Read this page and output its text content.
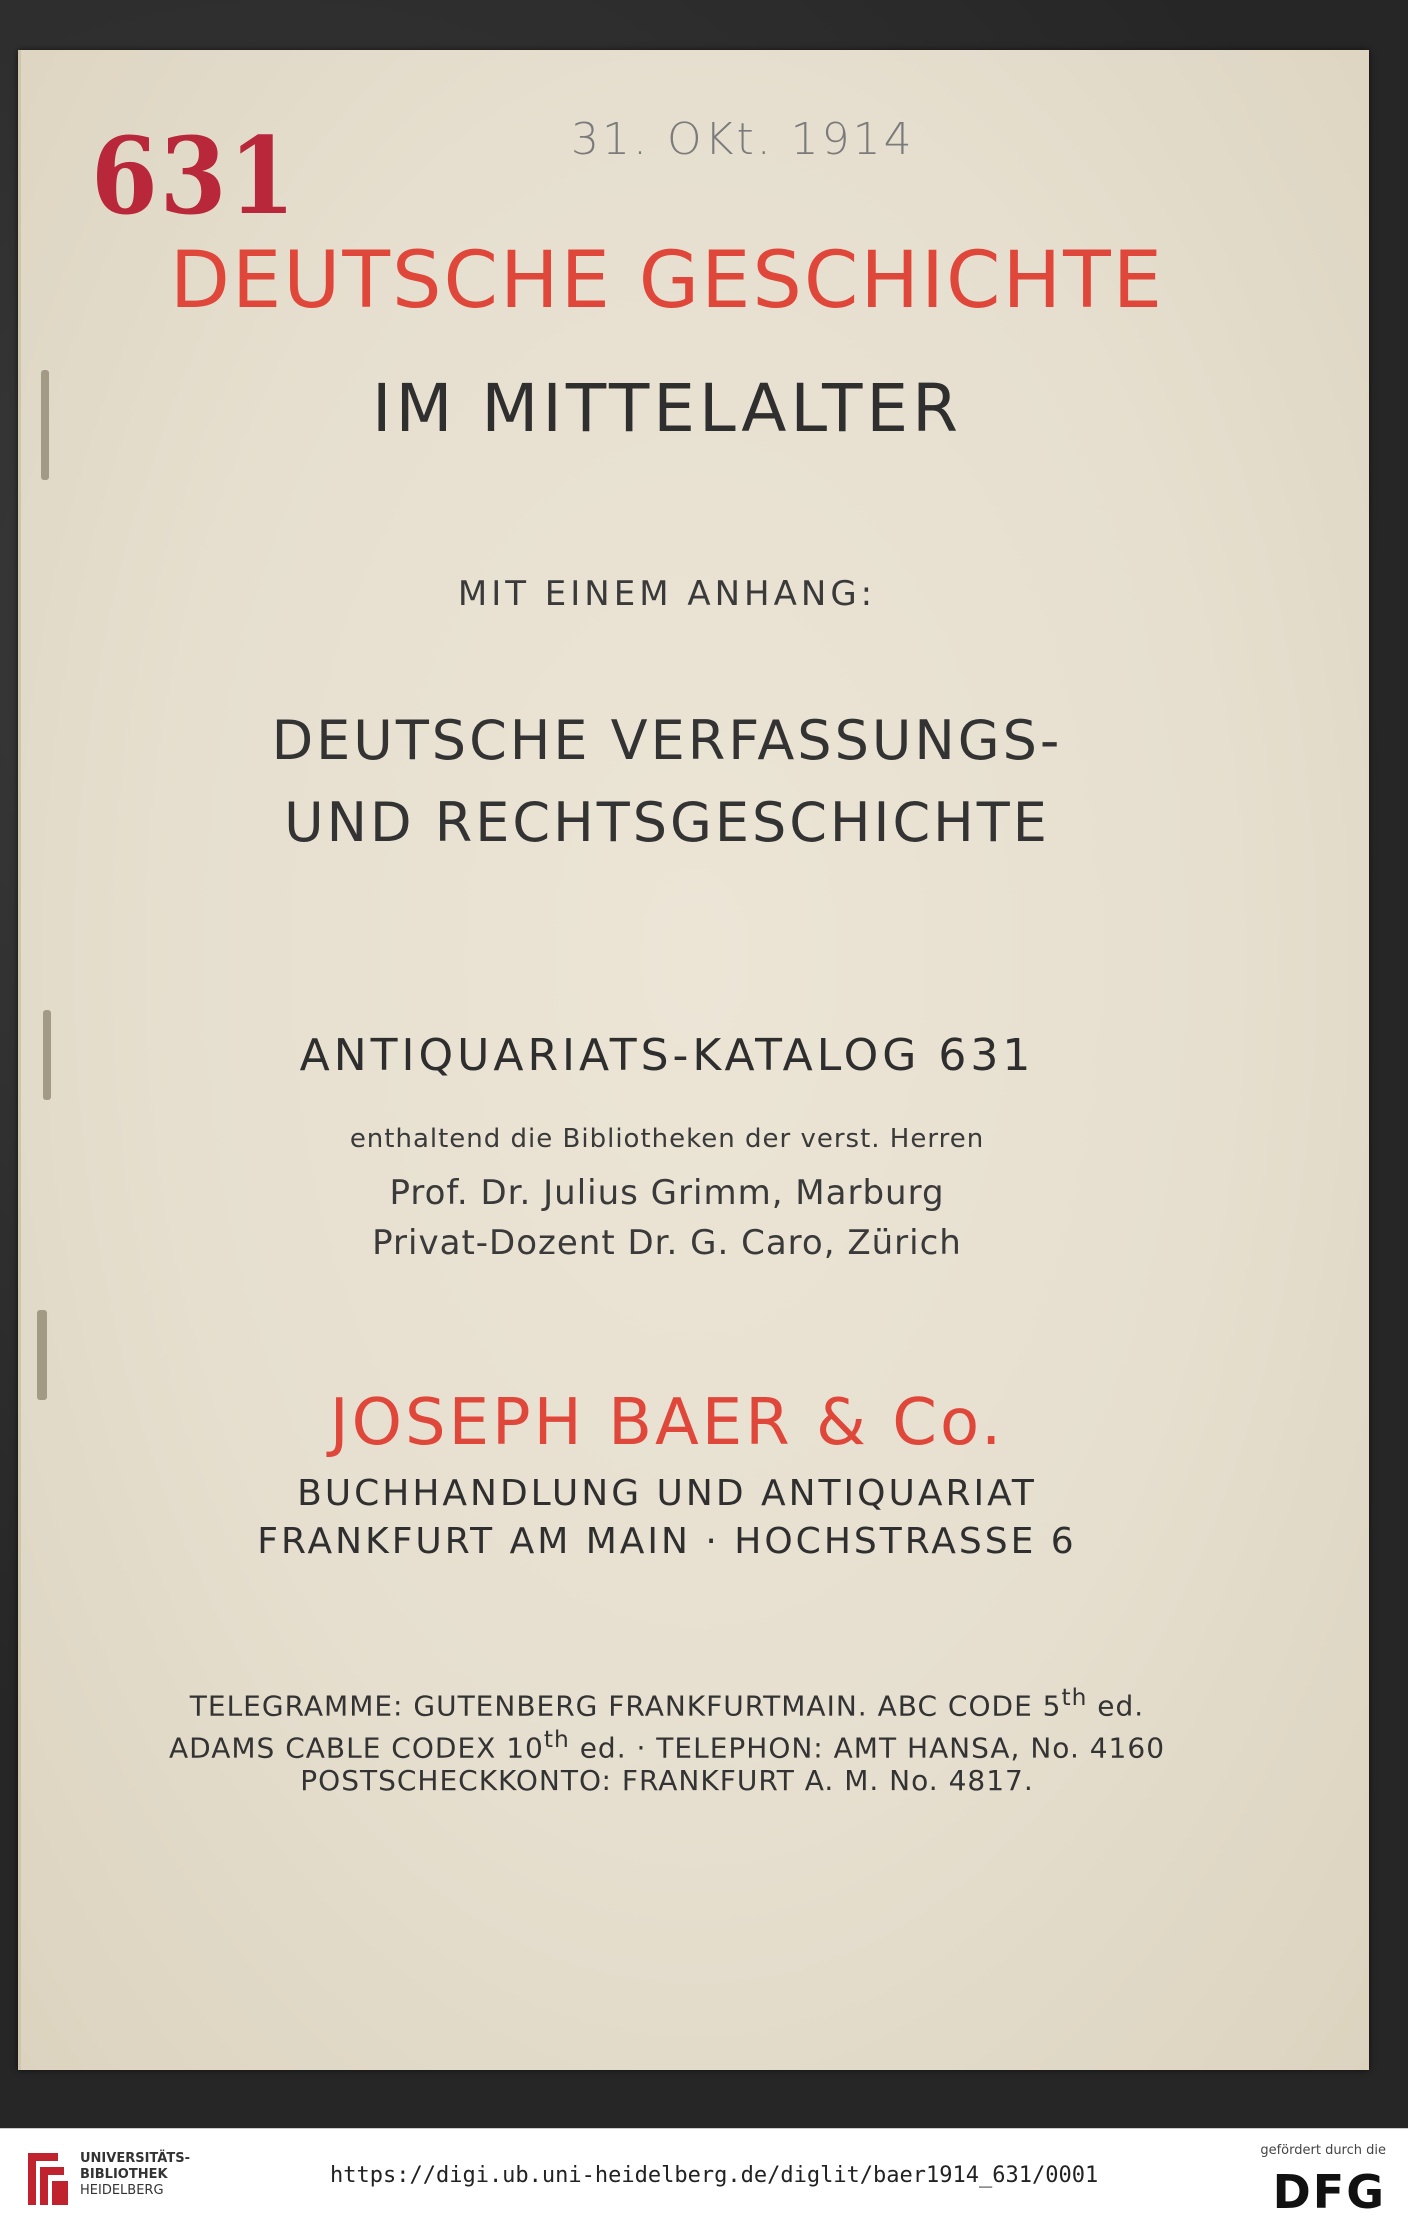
631	31. OKt. 1914
DEUTSCHE GESCHICHTE
IM MITTELALTER
MIT EINEM ANHANG:
DEUTSCHE VERFASSUNGS-
UND RECHTSGESCHICHTE
ANTIQUARIATS-KATALOG 631
enthaltend die Bibliotheken der verst. Herren
Prof. Dr. Julius Grimm, Marburg
Privat-Dozent Dr. G. Caro, Zürich
JOSEPH BAER & Co.
BUCHHANDLUNG UND ANTIQUARIAT
FRANKFURT AM MAIN · HOCHSTRASSE 6
TELEGRAMME: GUTENBERG FRANKFURTMAIN. ABC CODE 5th ed.
ADAMS CABLE CODEX 10th ed. · TELEPHON: AMT HANSA, No. 4160
POSTSCHECKKONTO: FRANKFURT A. M. No. 4817.
UNIVERSITÄTS-
BIBLIOTHEK
HEIDELBERG
https://digi.ub.uni-heidelberg.de/diglit/baer1914_631/0001
gefördert durch die
DFG
